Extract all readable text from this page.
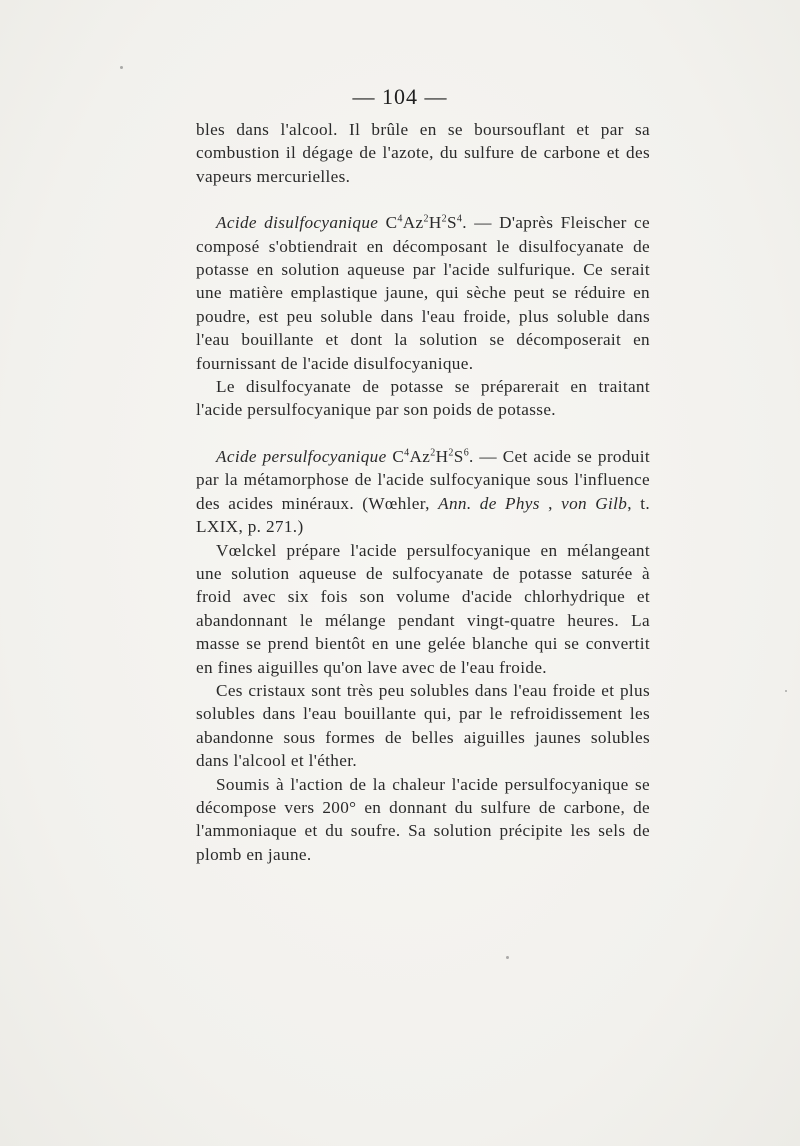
— 104 —

bles dans l'alcool. Il brûle en se boursouflant et par sa combustion il dégage de l'azote, du sulfure de carbone et des vapeurs mercurielles.

Acide disulfocyanique $C^4Az^2H^2S^4$. — D'après Fleischer ce composé s'obtiendrait en décomposant le disulfocyanate de potasse en solution aqueuse par l'acide sulfurique. Ce serait une matière emplastique jaune, qui sèche peut se réduire en poudre, est peu soluble dans l'eau froide, plus soluble dans l'eau bouillante et dont la solution se décomposerait en fournissant de l'acide disulfocyanique.

Le disulfocyanate de potasse se préparerait en traitant l'acide persulfocyanique par son poids de potasse.

Acide persulfocyanique $C^4Az^2H^2S^6$. — Cet acide se produit par la métamorphose de l'acide sulfocyanique sous l'influence des acides minéraux. (Wœhler, Ann. de Phys , von Gilb, t. LXIX, p. 271.)

Vœlckel prépare l'acide persulfocyanique en mélangeant une solution aqueuse de sulfocyanate de potasse saturée à froid avec six fois son volume d'acide chlorhydrique et abandonnant le mélange pendant vingt-quatre heures. La masse se prend bientôt en une gelée blanche qui se convertit en fines aiguilles qu'on lave avec de l'eau froide.

Ces cristaux sont très peu solubles dans l'eau froide et plus solubles dans l'eau bouillante qui, par le refroidissement les abandonne sous formes de belles aiguilles jaunes solubles dans l'alcool et l'éther.

Soumis à l'action de la chaleur l'acide persulfocyanique se décompose vers 200° en donnant du sulfure de carbone, de l'ammoniaque et du soufre. Sa solution précipite les sels de plomb en jaune.
